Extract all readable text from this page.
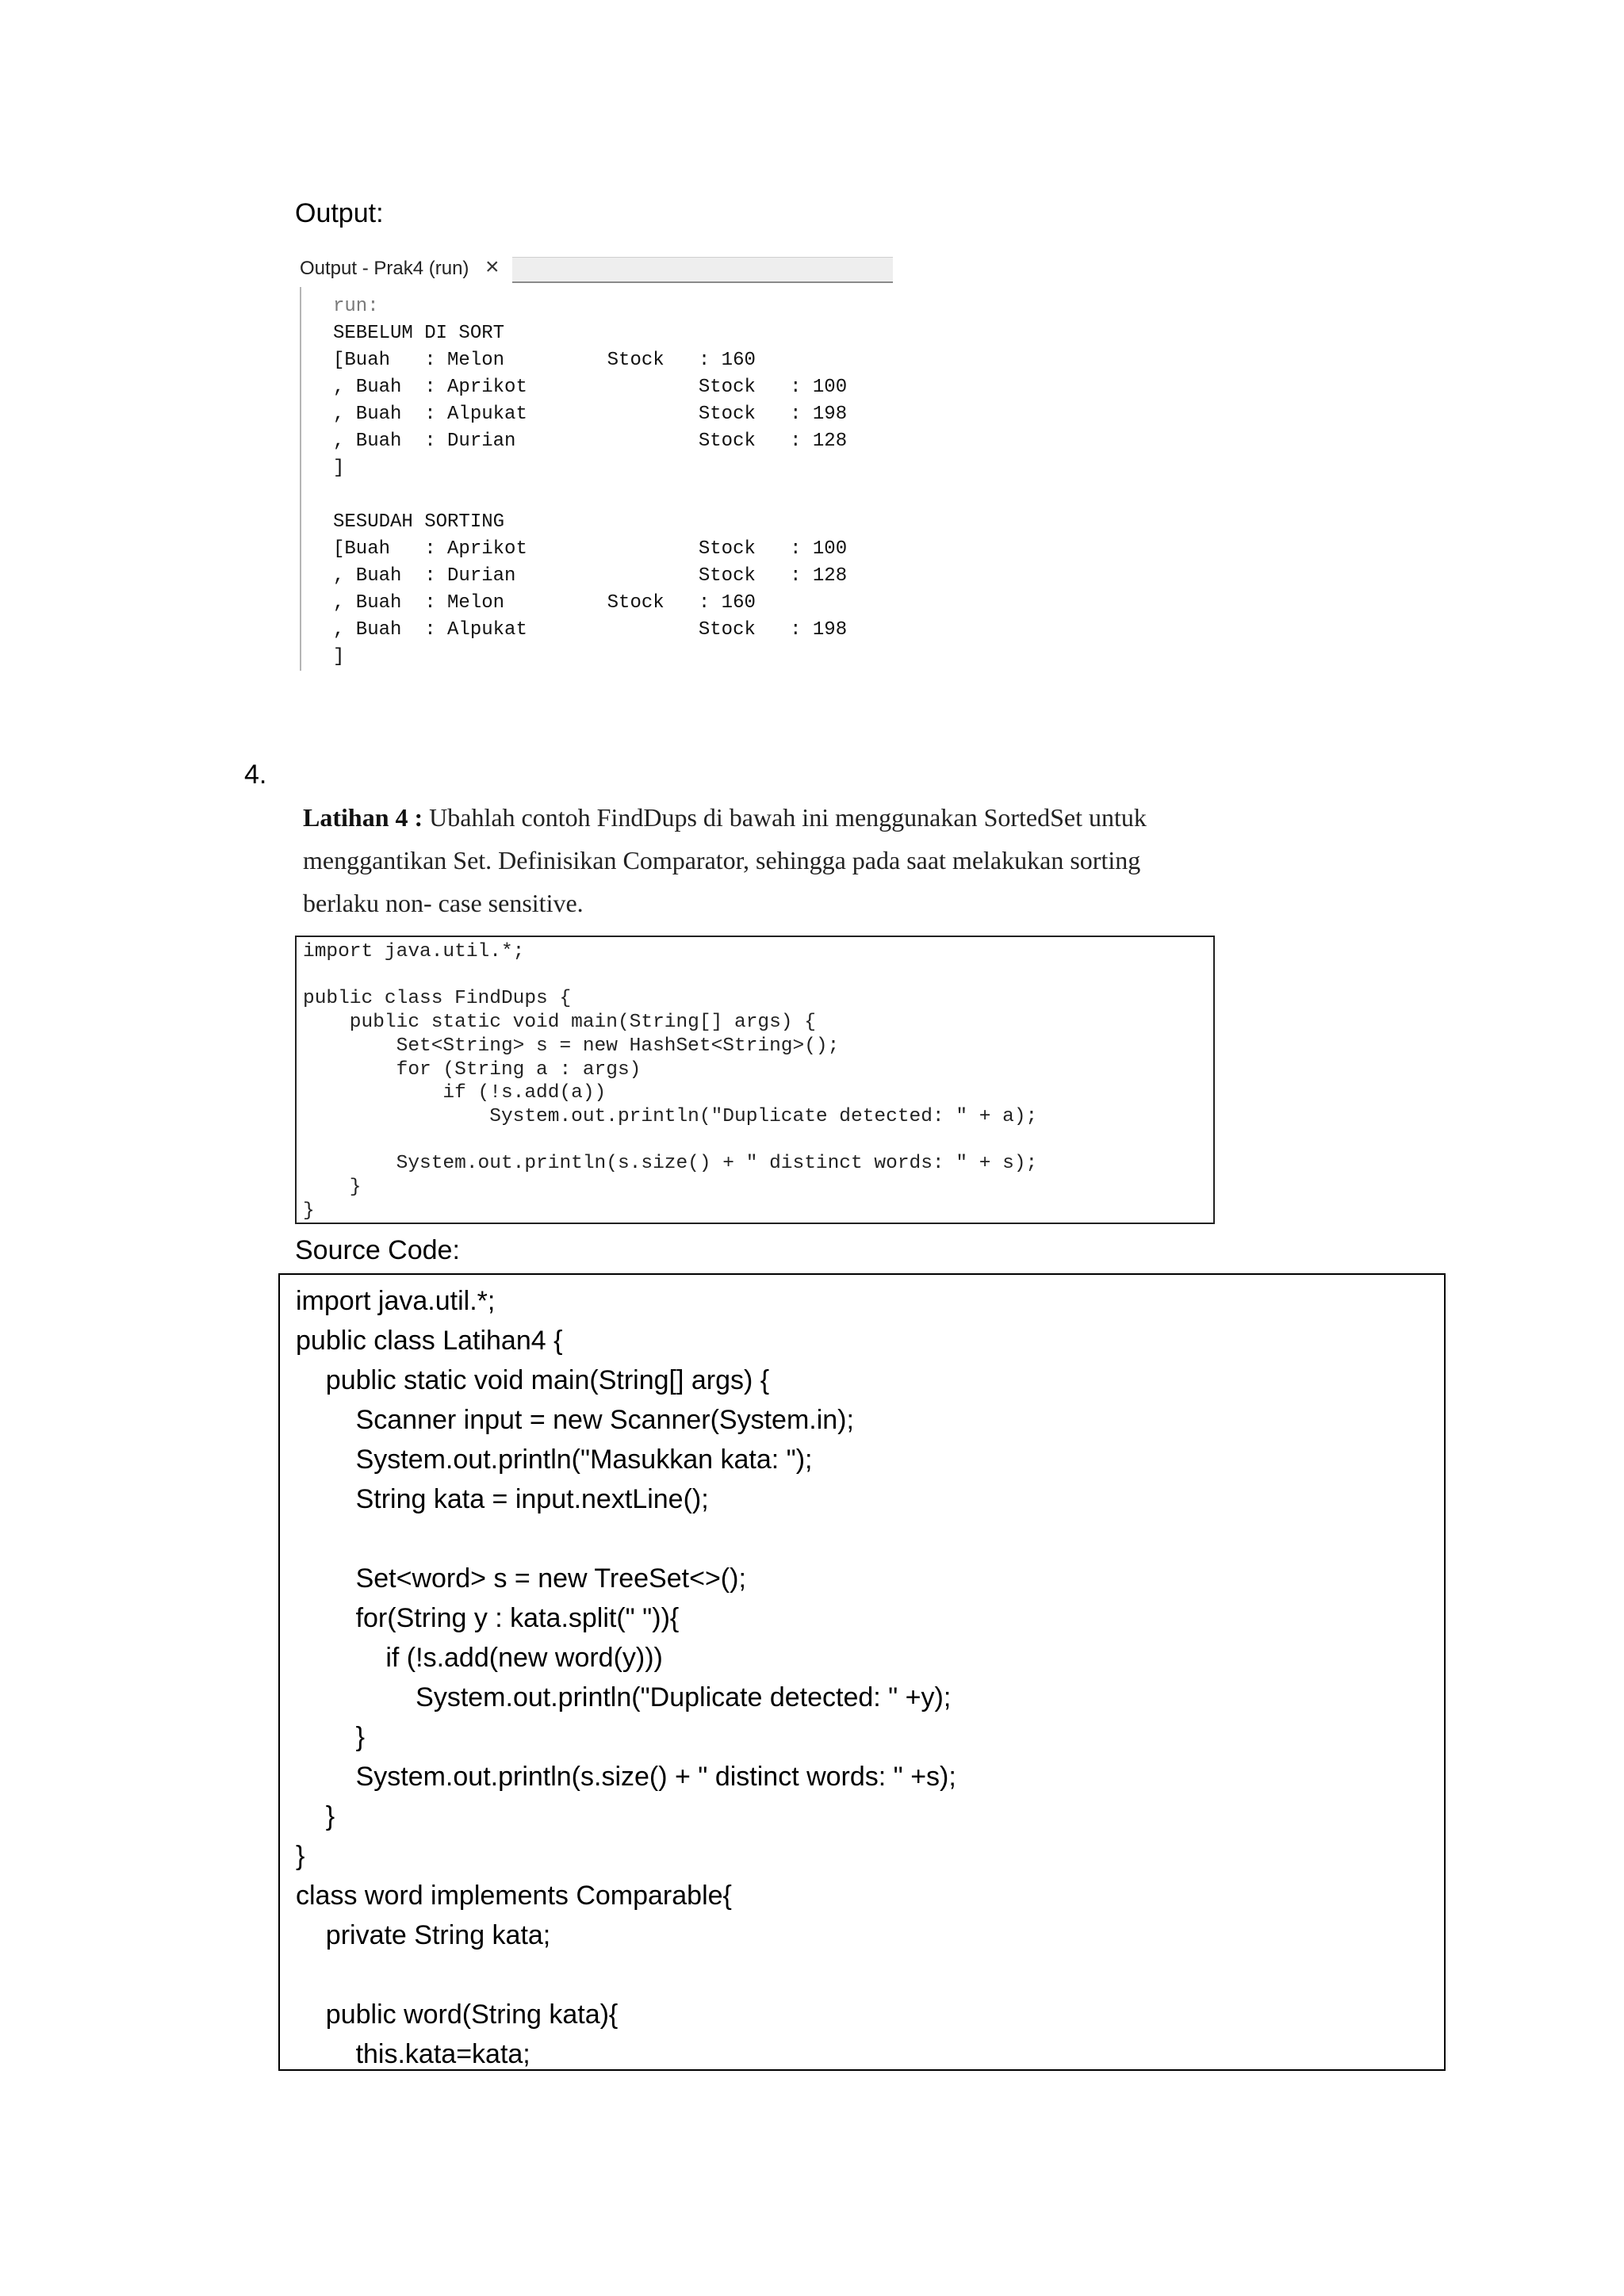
Output:
Output - Prak4 (run) ×
run:
SEBELUM DI SORT
[Buah   : Melon         Stock   : 160
, Buah  : Aprikot               Stock   : 100
, Buah  : Alpukat               Stock   : 198
, Buah  : Durian                Stock   : 128
]

SESUDAH SORTING
[Buah   : Aprikot               Stock   : 100
, Buah  : Durian                Stock   : 128
, Buah  : Melon         Stock   : 160
, Buah  : Alpukat               Stock   : 198
]
4.
Latihan 4 : Ubahlah contoh FindDups di bawah ini menggunakan SortedSet untuk menggantikan Set. Definisikan Comparator, sehingga pada saat melakukan sorting berlaku non- case sensitive.
import java.util.*;

public class FindDups {
public static void main(String[] args) {
Set<String> s = new HashSet<String>();
for (String a : args)
if (!s.add(a))
System.out.println("Duplicate detected: " + a);

System.out.println(s.size() + " distinct words: " + s);
}
}
Source Code:
import java.util.*;
public class Latihan4 {
public static void main(String[] args) {
Scanner input = new Scanner(System.in);
System.out.println("Masukkan kata: ");
String kata = input.nextLine();

Set<word> s = new TreeSet<>();
for(String y : kata.split(" ")){
if (!s.add(new word(y)))
System.out.println("Duplicate detected: " +y);
}
System.out.println(s.size() + " distinct words: " +s);
}
}
class word implements Comparable{
private String kata;

public word(String kata){
this.kata=kata;
